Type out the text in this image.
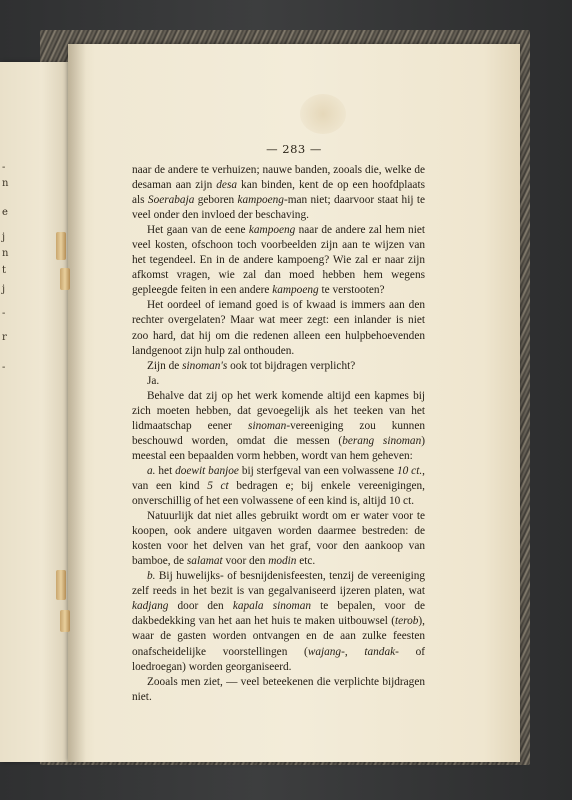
-
n
e
j
n
t
j
-
r
-
— 283 —

naar de andere te verhuizen; nauwe banden, zooals die, welke de desaman aan zijn desa kan binden, kent de op een hoofdplaats als Soerabaja geboren kampoeng-man niet; daarvoor staat hij te veel onder den invloed der beschaving.

Het gaan van de eene kampoeng naar de andere zal hem niet veel kosten, ofschoon toch voorbeelden zijn aan te wijzen van het tegendeel. En in de andere kampoeng? Wie zal er naar zijn afkomst vragen, wie zal dan moed hebben hem wegens gepleegde feiten in een andere kampoeng te verstooten?

Het oordeel of iemand goed is of kwaad is immers aan den rechter overgelaten? Maar wat meer zegt: een inlander is niet zoo hard, dat hij om die redenen alleen een hulpbehoevenden landgenoot zijn hulp zal onthouden.

Zijn de sinoman's ook tot bijdragen verplicht?

Ja.

Behalve dat zij op het werk komende altijd een kapmes bij zich moeten hebben, dat gevoegelijk als het teeken van het lidmaatschap eener sinoman-vereeniging zou kunnen beschouwd worden, omdat die messen (berang sinoman) meestal een bepaalden vorm hebben, wordt van hem geheven:

a. het doewit banjoe bij sterfgeval van een volwassene 10 ct., van een kind 5 ct bedragen e; bij enkele vereenigingen, onverschillig of het een volwassene of een kind is, altijd 10 ct.

Natuurlijk dat niet alles gebruikt wordt om er water voor te koopen, ook andere uitgaven worden daarmee bestreden: de kosten voor het delven van het graf, voor den aankoop van bamboe, de salamat voor den modin etc.

b. Bij huwelijks- of besnijdenisfeesten, tenzij de vereeniging zelf reeds in het bezit is van gegalvaniseerd ijzeren platen, wat kadjang door den kapala sinoman te bepalen, voor de dakbedekking van het aan het huis te maken uitbouwsel (terob), waar de gasten worden ontvangen en de aan zulke feesten onafscheidelijke voorstellingen (wajang-, tandak- of loedroegan) worden georganiseerd.

Zooals men ziet, — veel beteekenen die verplichte bijdragen niet.
